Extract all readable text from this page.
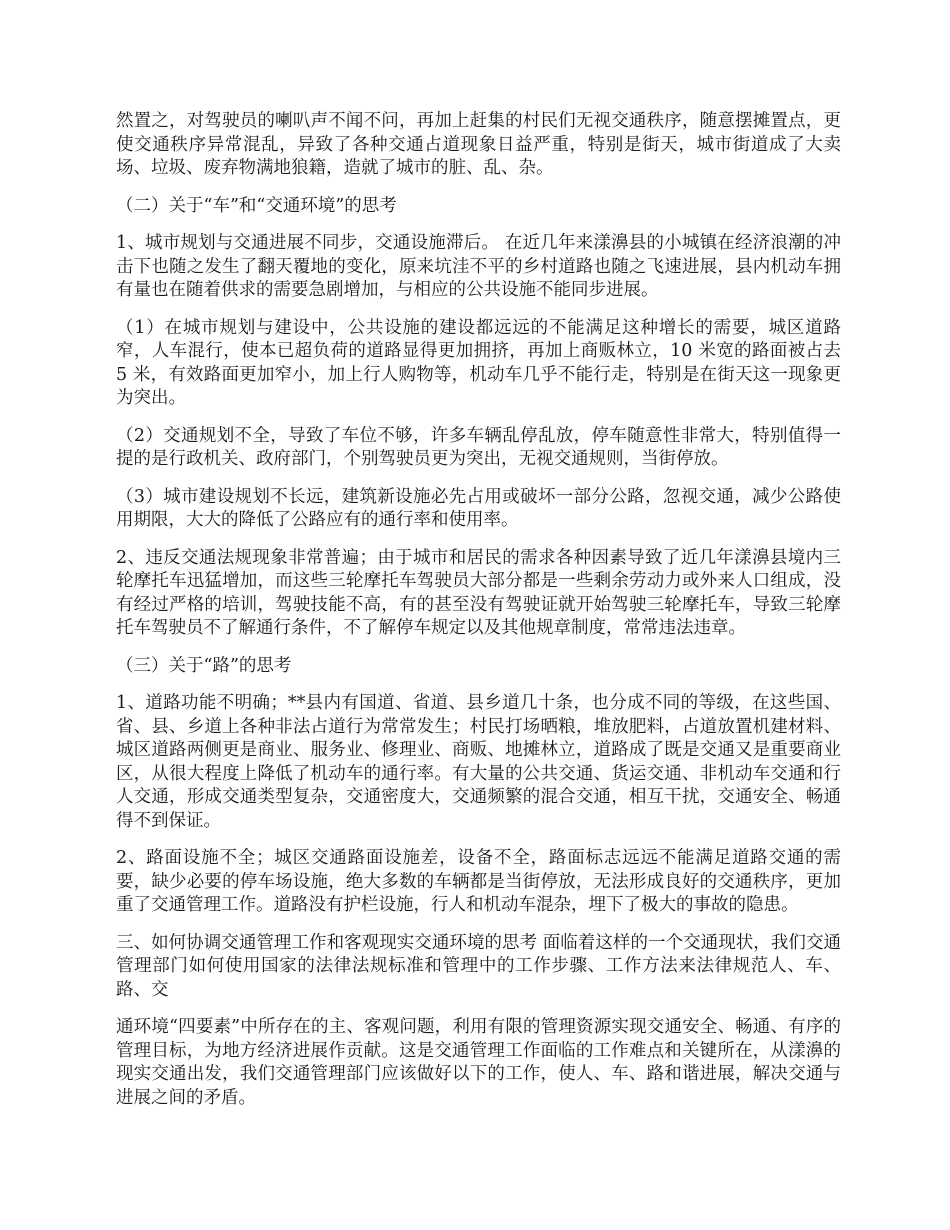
然置之，对驾驶员的喇叭声不闻不问，再加上赶集的村民们无视交通秩序，随意摆摊置点，更使交通秩序异常混乱，异致了各种交通占道现象日益严重，特别是街天，城市街道成了大卖场、垃圾、废弃物满地狼籍，造就了城市的脏、乱、杂。

（二）关于“车”和“交通环境”的思考

1、城市规划与交通进展不同步，交通设施滞后。 在近几年来漾濞县的小城镇在经济浪潮的冲击下也随之发生了翻天覆地的变化，原来坑洼不平的乡村道路也随之飞速进展，县内机动车拥有量也在随着供求的需要急剧增加，与相应的公共设施不能同步进展。

（1）在城市规划与建设中，公共设施的建设都远远的不能满足这种增长的需要，城区道路窄，人车混行，使本已超负荷的道路显得更加拥挤，再加上商贩林立，10 米宽的路面被占去 5 米，有效路面更加窄小，加上行人购物等，机动车几乎不能行走，特别是在街天这一现象更为突出。

（2）交通规划不全，导致了车位不够，许多车辆乱停乱放，停车随意性非常大，特别值得一提的是行政机关、政府部门，个别驾驶员更为突出，无视交通规则，当街停放。

（3）城市建设规划不长远，建筑新设施必先占用或破坏一部分公路，忽视交通，减少公路使用期限，大大的降低了公路应有的通行率和使用率。

2、违反交通法规现象非常普遍；由于城市和居民的需求各种因素导致了近几年漾濞县境内三轮摩托车迅猛增加，而这些三轮摩托车驾驶员大部分都是一些剩余劳动力或外来人口组成，没有经过严格的培训，驾驶技能不高，有的甚至没有驾驶证就开始驾驶三轮摩托车，导致三轮摩托车驾驶员不了解通行条件，不了解停车规定以及其他规章制度，常常违法违章。

（三）关于“路”的思考

1、道路功能不明确；**县内有国道、省道、县乡道几十条，也分成不同的等级，在这些国、省、县、乡道上各种非法占道行为常常发生；村民打场晒粮，堆放肥料，占道放置机建材料、城区道路两侧更是商业、服务业、修理业、商贩、地摊林立，道路成了既是交通又是重要商业区，从很大程度上降低了机动车的通行率。有大量的公共交通、货运交通、非机动车交通和行人交通，形成交通类型复杂，交通密度大，交通频繁的混合交通，相互干扰，交通安全、畅通得不到保证。

2、路面设施不全；城区交通路面设施差，设备不全，路面标志远远不能满足道路交通的需要，缺少必要的停车场设施，绝大多数的车辆都是当街停放，无法形成良好的交通秩序，更加重了交通管理工作。道路没有护栏设施，行人和机动车混杂，埋下了极大的事故的隐患。

三、如何协调交通管理工作和客观现实交通环境的思考 面临着这样的一个交通现状，我们交通管理部门如何使用国家的法律法规标准和管理中的工作步骤、工作方法来法律规范人、车、路、交

通环境“四要素”中所存在的主、客观问题，利用有限的管理资源实现交通安全、畅通、有序的管理目标，为地方经济进展作贡献。这是交通管理工作面临的工作难点和关键所在，从漾濞的现实交通出发，我们交通管理部门应该做好以下的工作，使人、车、路和谐进展，解决交通与进展之间的矛盾。
